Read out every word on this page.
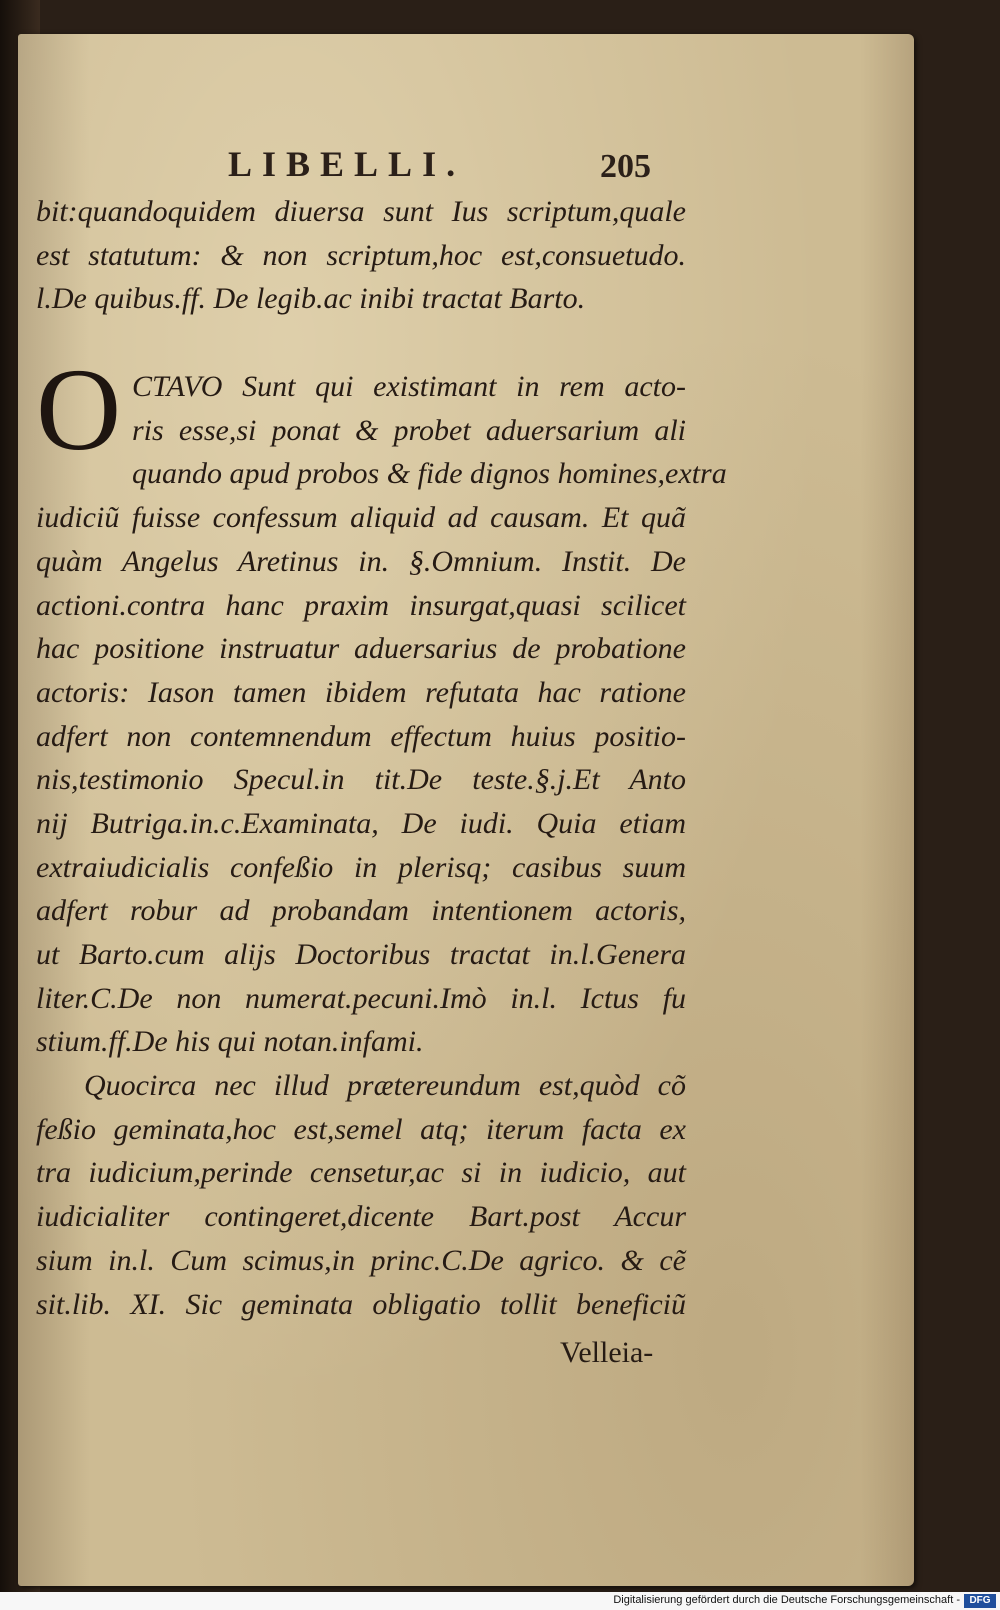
LIBELLI.	205
bit:quandoquidem diuersa sunt Ius scriptum,quale
est statutum: & non scriptum,hoc est,consuetudo.
l.De quibus.ff. De legib.ac inibi tractat Barto.
O CTAVO Sunt qui existimant in rem acto-
ris esse,si ponat & probet aduersarium ali
quando apud probos & fide dignos homines,extra
iudiciũ fuisse confessum aliquid ad causam. Et quã
quàm Angelus Aretinus in. §.Omnium. Instit. De
actioni.contra hanc praxim insurgat,quasi scilicet
hac positione instruatur aduersarius de probatione
actoris: Iason tamen ibidem refutata hac ratione
adfert non contemnendum effectum huius positio-
nis,testimonio Specul.in tit.De teste.§.j.Et Anto
nij Butriga.in.c.Examinata, De iudi. Quia etiam
extraiudicialis confeßio in plerisq; casibus suum
adfert robur ad probandam intentionem actoris,
ut Barto.cum alijs Doctoribus tractat in.l.Genera
liter.C.De non numerat.pecuni.Imò in.l. Ictus fu
stium.ff.De his qui notan.infami.
Quocirca nec illud prætereundum est,quòd cõ
feßio geminata,hoc est,semel atq; iterum facta ex
tra iudicium,perinde censetur,ac si in iudicio, aut
iudicialiter contingeret,dicente Bart.post Accur
sium in.l. Cum scimus,in princ.C.De agrico. & cẽ
sit.lib. XI. Sic geminata obligatio tollit beneficiũ
Velleia-
Digitalisierung gefördert durch die Deutsche Forschungsgemeinschaft - DFG
